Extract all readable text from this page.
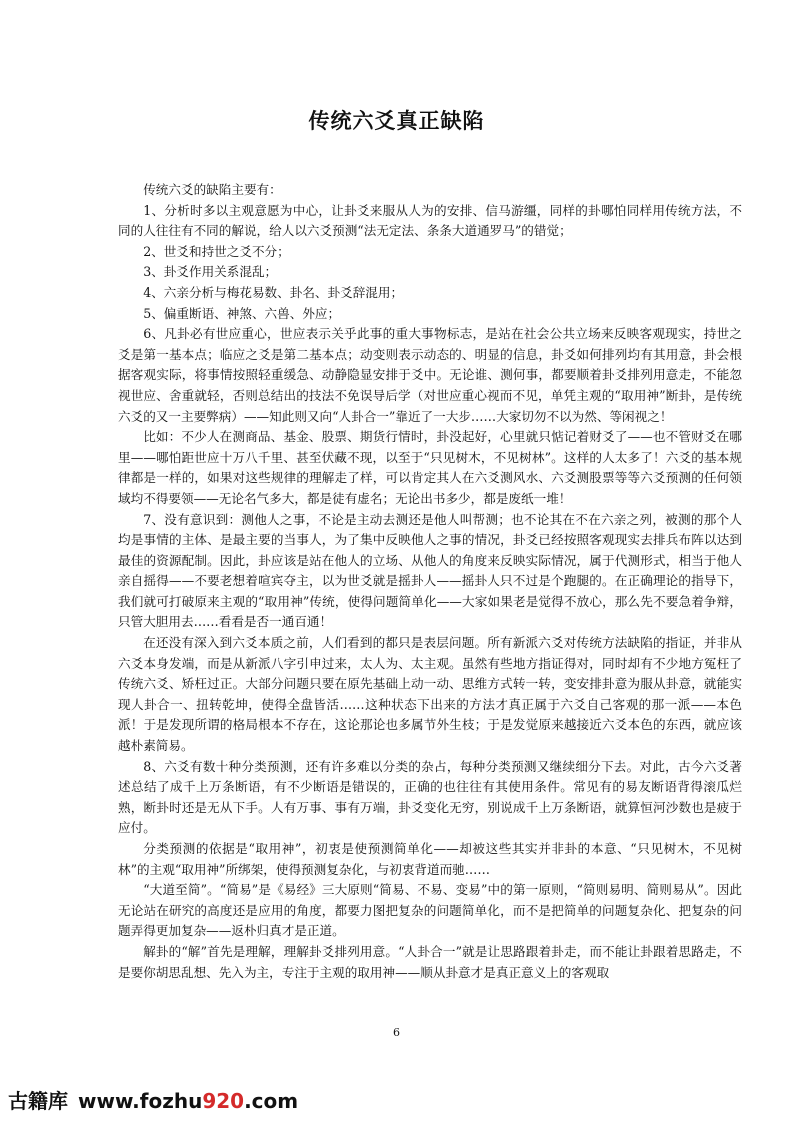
传统六爻真正缺陷

传统六爻的缺陷主要有：

1、分析时多以主观意愿为中心，让卦爻来服从人为的安排、信马游缰，同样的卦哪怕同样用传统方法，不同的人往往有不同的解说，给人以六爻预测“法无定法、条条大道通罗马”的错觉；

2、世爻和持世之爻不分；

3、卦爻作用关系混乱；

4、六亲分析与梅花易数、卦名、卦爻辞混用；

5、偏重断语、神煞、六兽、外应；

6、凡卦必有世应重心，世应表示关乎此事的重大事物标志，是站在社会公共立场来反映客观现实，持世之爻是第一基本点；临应之爻是第二基本点；动变则表示动态的、明显的信息，卦爻如何排列均有其用意，卦会根据客观实际，将事情按照轻重缓急、动静隐显安排于爻中。无论谁、测何事，都要顺着卦爻排列用意走，不能忽视世应、舍重就轻，否则总结出的技法不免误导后学（对世应重心视而不见，单凭主观的“取用神”断卦，是传统六爻的又一主要弊病）——知此则又向“人卦合一”靠近了一大步……大家切勿不以为然、等闲视之！

比如：不少人在测商品、基金、股票、期货行情时，卦没起好，心里就只惦记着财爻了——也不管财爻在哪里——哪怕距世应十万八千里、甚至伏藏不现，以至于“只见树木，不见树林”。这样的人太多了！六爻的基本规律都是一样的，如果对这些规律的理解走了样，可以肯定其人在六爻测风水、六爻测股票等等六爻预测的任何领域均不得要领——无论名气多大，都是徒有虚名；无论出书多少，都是废纸一堆！

7、没有意识到：测他人之事，不论是主动去测还是他人叫帮测；也不论其在不在六亲之列，被测的那个人均是事情的主体、是最主要的当事人，为了集中反映他人之事的情况，卦爻已经按照客观现实去排兵布阵以达到最佳的资源配制。因此，卦应该是站在他人的立场、从他人的角度来反映实际情况，属于代测形式，相当于他人亲自摇得——不要老想着喧宾夺主，以为世爻就是摇卦人——摇卦人只不过是个跑腿的。在正确理论的指导下，我们就可打破原来主观的“取用神”传统，使得问题简单化——大家如果老是觉得不放心，那么先不要急着争辩，只管大胆用去……看看是否一通百通！

在还没有深入到六爻本质之前，人们看到的都只是表层问题。所有新派六爻对传统方法缺陷的指证，并非从六爻本身发端，而是从新派八字引申过来，太人为、太主观。虽然有些地方指证得对，同时却有不少地方冤枉了传统六爻、矫枉过正。大部分问题只要在原先基础上动一动、思维方式转一转，变安排卦意为服从卦意，就能实现人卦合一、扭转乾坤，使得全盘皆活……这种状态下出来的方法才真正属于六爻自己客观的那一派——本色派！于是发现所谓的格局根本不存在，这论那论也多属节外生枝；于是发觉原来越接近六爻本色的东西，就应该越朴素简易。

8、六爻有数十种分类预测，还有许多难以分类的杂占，每种分类预测又继续细分下去。对此，古今六爻著述总结了成千上万条断语，有不少断语是错误的，正确的也往往有其使用条件。常见有的易友断语背得滚瓜烂熟，断卦时还是无从下手。人有万事、事有万端，卦爻变化无穷，别说成千上万条断语，就算恒河沙数也是疲于应付。

分类预测的依据是“取用神”，初衷是使预测简单化——却被这些其实并非卦的本意、“只见树木，不见树林”的主观“取用神”所绑架，使得预测复杂化，与初衷背道而驰……

“大道至简”。“简易”是《易经》三大原则“简易、不易、变易”中的第一原则，“简则易明、简则易从”。因此无论站在研究的高度还是应用的角度，都要力图把复杂的问题简单化，而不是把简单的问题复杂化、把复杂的问题弄得更加复杂——返朴归真才是正道。

解卦的“解”首先是理解，理解卦爻排列用意。“人卦合一”就是让思路跟着卦走，而不能让卦跟着思路走，不是要你胡思乱想、先入为主，专注于主观的取用神——顺从卦意才是真正意义上的客观取

6
古籍库 www.fozhu920.com
